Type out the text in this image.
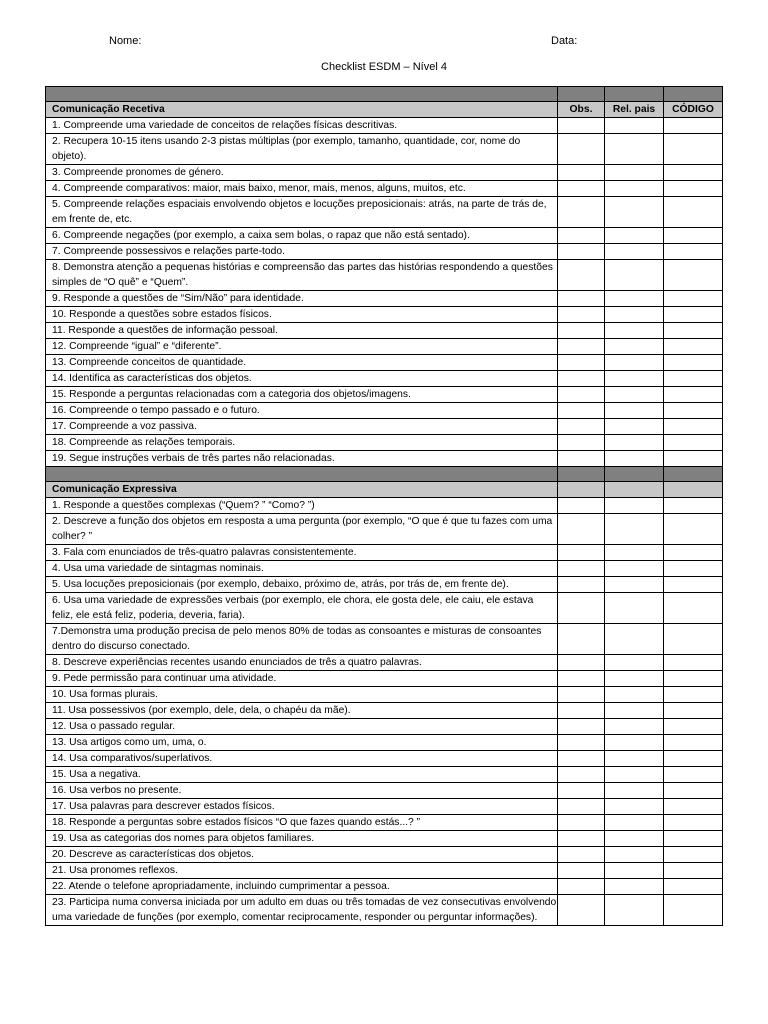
Nome:	Data:
Checklist ESDM – Nível 4

Comunicação Recetiva	Obs.	Rel. pais	CÓDIGO
1. Compreende uma variedade de conceitos de relações físicas descritivas.			
2. Recupera 10-15 itens usando 2-3 pistas múltiplas (por exemplo, tamanho, quantidade, cor, nome do objeto).			
3. Compreende pronomes de género.			
4. Compreende comparativos: maior, mais baixo, menor, mais, menos, alguns, muitos, etc.			
5. Compreende relações espaciais envolvendo objetos e locuções preposicionais: atrás, na parte de trás de, em frente de, etc.			
6. Compreende negações (por exemplo, a caixa sem bolas, o rapaz que não está sentado).			
7. Compreende possessivos e relações parte-todo.			
8. Demonstra atenção a pequenas histórias e compreensão das partes das histórias respondendo a questões simples de “O quê” e “Quem”.			
9. Responde a questões de “Sim/Não” para identidade.			
10. Responde a questões sobre estados físicos.			
11. Responde a questões de informação pessoal.			
12. Compreende “igual” e “diferente”.			
13. Compreende conceitos de quantidade.			
14. Identifica as características dos objetos.			
15. Responde a perguntas relacionadas com a categoria dos objetos/imagens.			
16. Compreende o tempo passado e o futuro.			
17. Compreende a voz passiva.			
18. Compreende as relações temporais.			
19. Segue instruções verbais de três partes não relacionadas.			

Comunicação Expressiva			
1. Responde a questões complexas (“Quem? ” “Como? ”)			
2. Descreve a função dos objetos em resposta a uma pergunta (por exemplo, “O que é que tu fazes com uma colher? ”			
3. Fala com enunciados de três-quatro palavras consistentemente.			
4. Usa uma variedade de sintagmas nominais.			
5. Usa locuções preposicionais (por exemplo, debaixo, próximo de, atrás, por trás de, em frente de).			
6. Usa uma variedade de expressões verbais (por exemplo, ele chora, ele gosta dele, ele caiu, ele estava feliz, ele está feliz, poderia, deveria, faria).			
7.Demonstra uma produção precisa de pelo menos 80% de todas as consoantes e misturas de consoantes dentro do discurso conectado.			
8. Descreve experiências recentes usando enunciados de três a quatro palavras.			
9. Pede permissão para continuar uma atividade.			
10. Usa formas plurais.			
11. Usa possessivos (por exemplo, dele, dela, o chapéu da mãe).			
12. Usa o passado regular.			
13. Usa artigos como um, uma, o.			
14. Usa comparativos/superlativos.			
15. Usa a negativa.			
16. Usa verbos no presente.			
17. Usa palavras para descrever estados físicos.			
18. Responde a perguntas sobre estados físicos “O que fazes quando estás...? ”			
19. Usa as categorias dos nomes para objetos familiares.			
20. Descreve as características dos objetos.			
21. Usa pronomes reflexos.			
22. Atende o telefone apropriadamente, incluindo cumprimentar a pessoa.			
23. Participa numa conversa iniciada por um adulto em duas ou três tomadas de vez consecutivas envolvendo uma variedade de funções (por exemplo, comentar reciprocamente, responder ou perguntar informações).			
